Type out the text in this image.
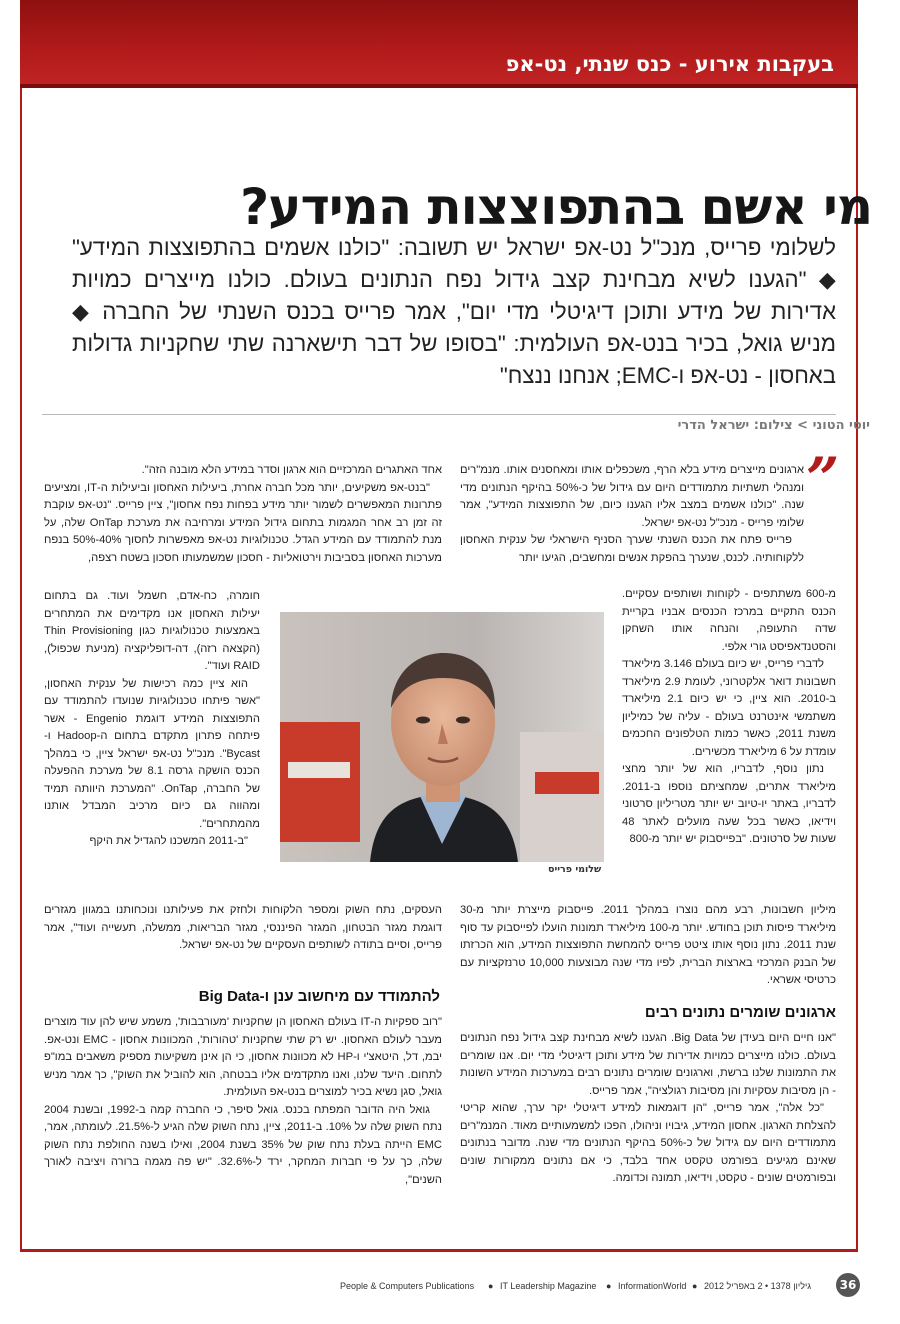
בעקבות אירוע - כנס שנתי, נט-אפ
מי אשם בהתפוצצות המידע?
לשלומי פרייס, מנכ"ל נט-אפ ישראל יש תשובה: "כולנו אשמים בהתפוצצות המידע" ◆ "הגענו לשיא מבחינת קצב גידול נפח הנתונים בעולם. כולנו מייצרים כמויות אדירות של מידע ותוכן דיגיטלי מדי יום", אמר פרייס בכנס השנתי של החברה ◆ מניש גואל, בכיר בנט-אפ העולמית: "בסופו של דבר תישארנה שתי שחקניות גדולות באחסון - נט-אפ ו-EMC; אנחנו ננצח"
יוסי הטוני > צילום: ישראל הדרי
”

ארגונים מייצרים מידע בלא הרף, משכפלים אותו ומאחסנים אותו. מנמ"רים ומנהלי תשתיות מתמודדים היום עם גידול של כ-50% בהיקף הנתונים מדי שנה. "כולנו אשמים במצב אליו הגענו כיום, של התפוצצות המידע", אמר שלומי פרייס - מנכ"ל נט-אפ ישראל.

פרייס פתח את הכנס השנתי שערך הסניף הישראלי של ענקית האחסון ללקוחותיה. לכנס, שנערך בהפקת אנשים ומחשבים, הגיעו יותר

מ-600 משתתפים - לקוחות ושותפים עסקיים. הכנס התקיים במרכז הכנסים אבניו בקריית שדה התעופה, והנחה אותו השחקן והסטנדאפיסט גורי אלפי.

לדברי פרייס, יש כיום בעולם 3.146 מיליארד חשבונות דואר אלקטרוני, לעומת 2.9 מיליארד ב-2010. הוא ציין, כי יש כיום 2.1 מיליארד משתמשי אינטרנט בעולם - עליה של כמיליון משנת 2011, כאשר כמות הטלפונים החכמים עומדת על 6 מיליארד מכשירים.

נתון נוסף, לדבריו, הוא של יותר מחצי מיליארד אתרים, שמחציתם נוספו ב-2011. לדבריו, באתר יו-טיוב יש יותר מטריליון סרטוני וידיאו, כאשר בכל שעה מועלים לאתר 48 שעות של סרטונים. "בפייסבוק יש יותר מ-800

מיליון חשבונות, רבע מהם נוצרו במהלך 2011. פייסבוק מייצרת יותר מ-30 מיליארד פיסות תוכן בחודש. יותר מ-100 מיליארד תמונות הועלו לפייסבוק עד סוף שנת 2011. נתון נוסף אותו ציטט פרייס להמחשת התפוצצות המידע, הוא הכרזתו של הבנק המרכזי בארצות הברית, לפיו מדי שנה מבוצעות 10,000 טרנזקציות עם כרטיסי אשראי.

ארגונים שומרים נתונים רבים

"אנו חיים היום בעידן של Big Data. הגענו לשיא מבחינת קצב גידול נפח הנתונים בעולם. כולנו מייצרים כמויות אדירות של מידע ותוכן דיגיטלי מדי יום. אנו שומרים את התמונות שלנו ברשת, וארגונים שומרים נתונים רבים במערכות המידע השונות - הן מסיבות עסקיות והן מסיבות רגולציה", אמר פרייס.

"כל אלה", אמר פרייס, "הן דוגמאות למידע דיגיטלי יקר ערך, שהוא קריטי להצלחת הארגון. אחסון המידע, גיבויו וניהולו, הפכו למשמעותיים מאוד. המנמ"רים מתמודדים היום עם גידול של כ-50% בהיקף הנתונים מדי שנה. מדובר בנתונים שאינם מגיעים בפורמט טקסט אחד בלבד, כי אם נתונים ממקורות שונים ובפורמטים שונים - טקסט, וידיאו, תמונה וכדומה.

אחד האתגרים המרכזיים הוא ארגון וסדר במידע הלא מובנה הזה".

"בנט-אפ משקיעים, יותר מכל חברה אחרת, ביעילות האחסון וביעילות ה-IT, ומציעים פתרונות המאפשרים לשמור יותר מידע בפחות נפח אחסון", ציין פרייס. "נט-אפ עוקבת זה זמן רב אחר המגמות בתחום גידול המידע ומרחיבה את מערכת OnTap שלה, על מנת להתמודד עם המידע הגדל. טכנולוגיות נט-אפ מאפשרות לחסוך 40%-50% בנפח מערכות האחסון בסביבות וירטואליות - חסכון שמשמעותו חסכון בשטח רצפה,

חומרה, כח-אדם, חשמל ועוד. גם בתחום יעילות האחסון אנו מקדימים את המתחרים באמצעות טכנולוגיות כגון Thin Provisioning (הקצאה רזה), דה-דופליקציה (מניעת שכפול), RAID ועוד".

הוא ציין כמה רכישות של ענקית האחסון, "אשר פיתחו טכנולוגיות שנועדו להתמודד עם התפוצצות המידע דוגמת Engenio - אשר פיתחה פתרון מתקדם בתחום ה-Hadoop ו-Bycast". מנכ"ל נט-אפ ישראל ציין, כי במהלך הכנס הושקה גרסה 8.1 של מערכת ההפעלה של החברה, OnTap. "המערכת היוותה תמיד ומהווה גם כיום מרכיב המבדל אותנו מהמתחרים".

"ב-2011 המשכנו להגדיל את היקף

העסקים, נתח השוק ומספר הלקוחות ולחזק את פעילותנו ונוכחותנו במגוון מגזרים דוגמת מגזר הבטחון, המגזר הפיננסי, מגזר הבריאות, ממשלה, תעשייה ועוד", אמר פרייס, וסיים בתודה לשותפים העסקיים של נט-אפ ישראל.

להתמודד עם מיחשוב ענן ו-Big Data

"רוב ספקיות ה-IT בעולם האחסון הן שחקניות 'מעורבבות', משמע שיש להן עוד מוצרים מעבר לעולם האחסון. יש רק שתי שחקניות 'טהורות', המכוונות אחסון - EMC ונט-אפ. יבמ, דל, היטאצ'י ו-HP לא מכוונות אחסון, כי הן אינן משקיעות מספיק משאבים במו"פ לתחום. היעד שלנו, ואנו מתקדמים אליו בבטחה, הוא להוביל את השוק", כך אמר מניש גואל, סגן נשיא בכיר למוצרים בנט-אפ העולמית.

גואל היה הדובר המפתח בכנס. גואל סיפר, כי החברה קמה ב-1992, ובשנת 2004 נתח השוק שלה על 10%. ב-2011, ציין, נתח השוק שלה הגיע ל-21.5%. לעומתה, אמר, EMC הייתה בעלת נתח שוק של 35% בשנת 2004, ואילו בשנה החולפת נתח השוק שלה, כך על פי חברות המחקר, ירד ל-32.6%. "יש פה מגמה ברורה ויציבה לאורך השנים",

שלומי פרייס
People & Computers Publications ● IT Leadership Magazine ● InformationWorld ● גיליון 1378 • 2 באפריל 2012	36
